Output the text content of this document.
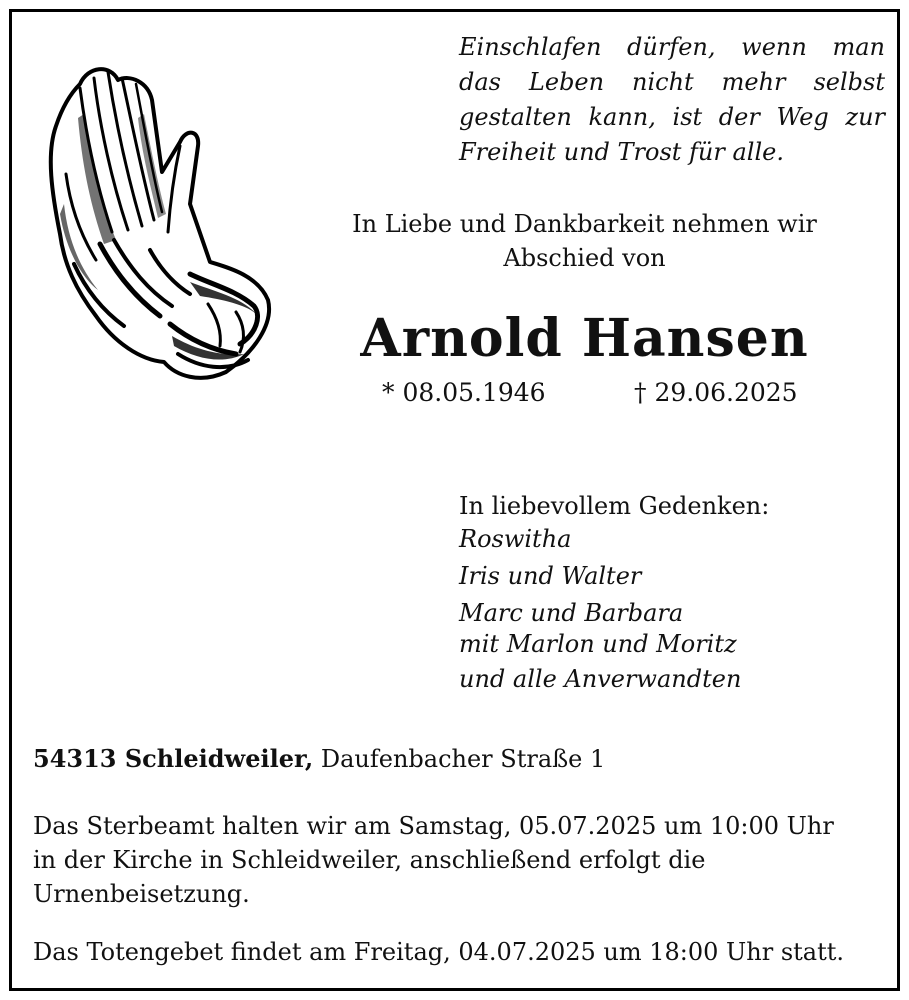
Einschlafen dürfen, wenn man
das Leben nicht mehr selbst
gestalten kann, ist der Weg zur
Freiheit und Trost für alle.
In Liebe und Dankbarkeit nehmen wir
Abschied von
Arnold Hansen
* 08.05.1946	† 29.06.2025
In liebevollem Gedenken:
Roswitha
Iris und Walter
Marc und Barbara
mit Marlon und Moritz
und alle Anverwandten
54313 Schleidweiler, Daufenbacher Straße 1
Das Sterbeamt halten wir am Samstag, 05.07.2025 um 10:00 Uhr
in der Kirche in Schleidweiler, anschließend erfolgt die
Urnenbeisetzung.
Das Totengebet findet am Freitag, 04.07.2025 um 18:00 Uhr statt.
